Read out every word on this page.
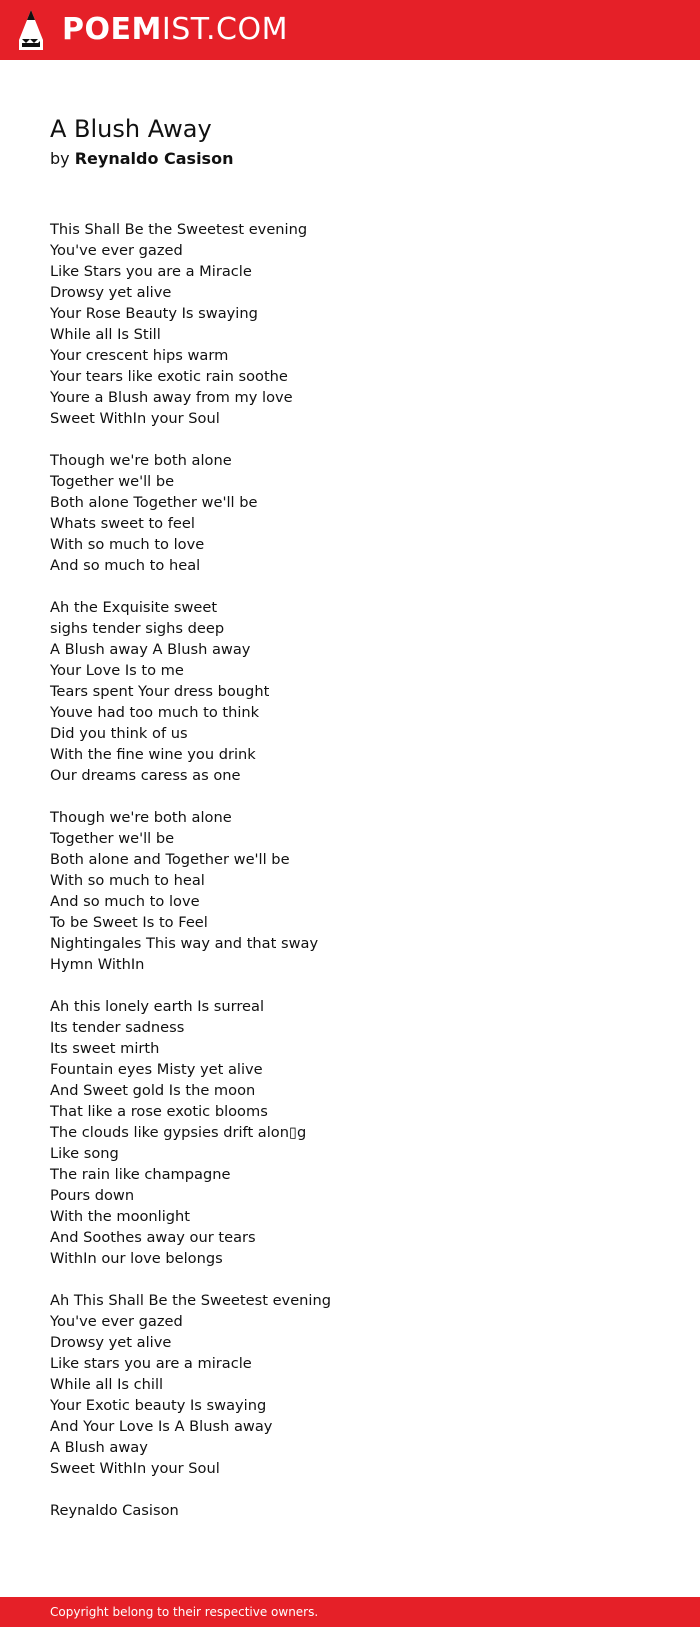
POEMIST.COM
A Blush Away
by Reynaldo Casison
This Shall Be the Sweetest evening
You've ever gazed
Like Stars you are a Miracle
Drowsy yet alive
Your Rose Beauty Is swaying
While all Is Still
Your crescent hips warm
Your tears like exotic rain soothe
Youre a Blush away from my love
Sweet WithIn your Soul
Though we're both alone
Together we'll be
Both alone Together we'll be
Whats sweet to feel
With so much to love
And so much to heal
Ah the Exquisite sweet
sighs tender sighs deep
A Blush away A Blush away
Your Love Is to me
Tears spent Your dress bought
Youve had too much to think
Did you think of us
With the fine wine you drink
Our dreams caress as one
Though we're both alone
Together we'll be
Both alone and Together we'll be
With so much to heal
And so much to love
To be Sweet Is to Feel
Nightingales This way and that sway
Hymn WithIn
Ah this lonely earth Is surreal
Its tender sadness
Its sweet mirth
Fountain eyes Misty yet alive
And Sweet gold Is the moon
That like a rose exotic blooms
The clouds like gypsies drift alon▯g
Like song
The rain like champagne
Pours down
With the moonlight
And Soothes away our tears
WithIn our love belongs
Ah This Shall Be the Sweetest evening
You've ever gazed
Drowsy yet alive
Like stars you are a miracle
While all Is chill
Your Exotic beauty Is swaying
And Your Love Is A Blush away
A Blush away
Sweet WithIn your Soul
Reynaldo Casison
Copyright belong to their respective owners.
